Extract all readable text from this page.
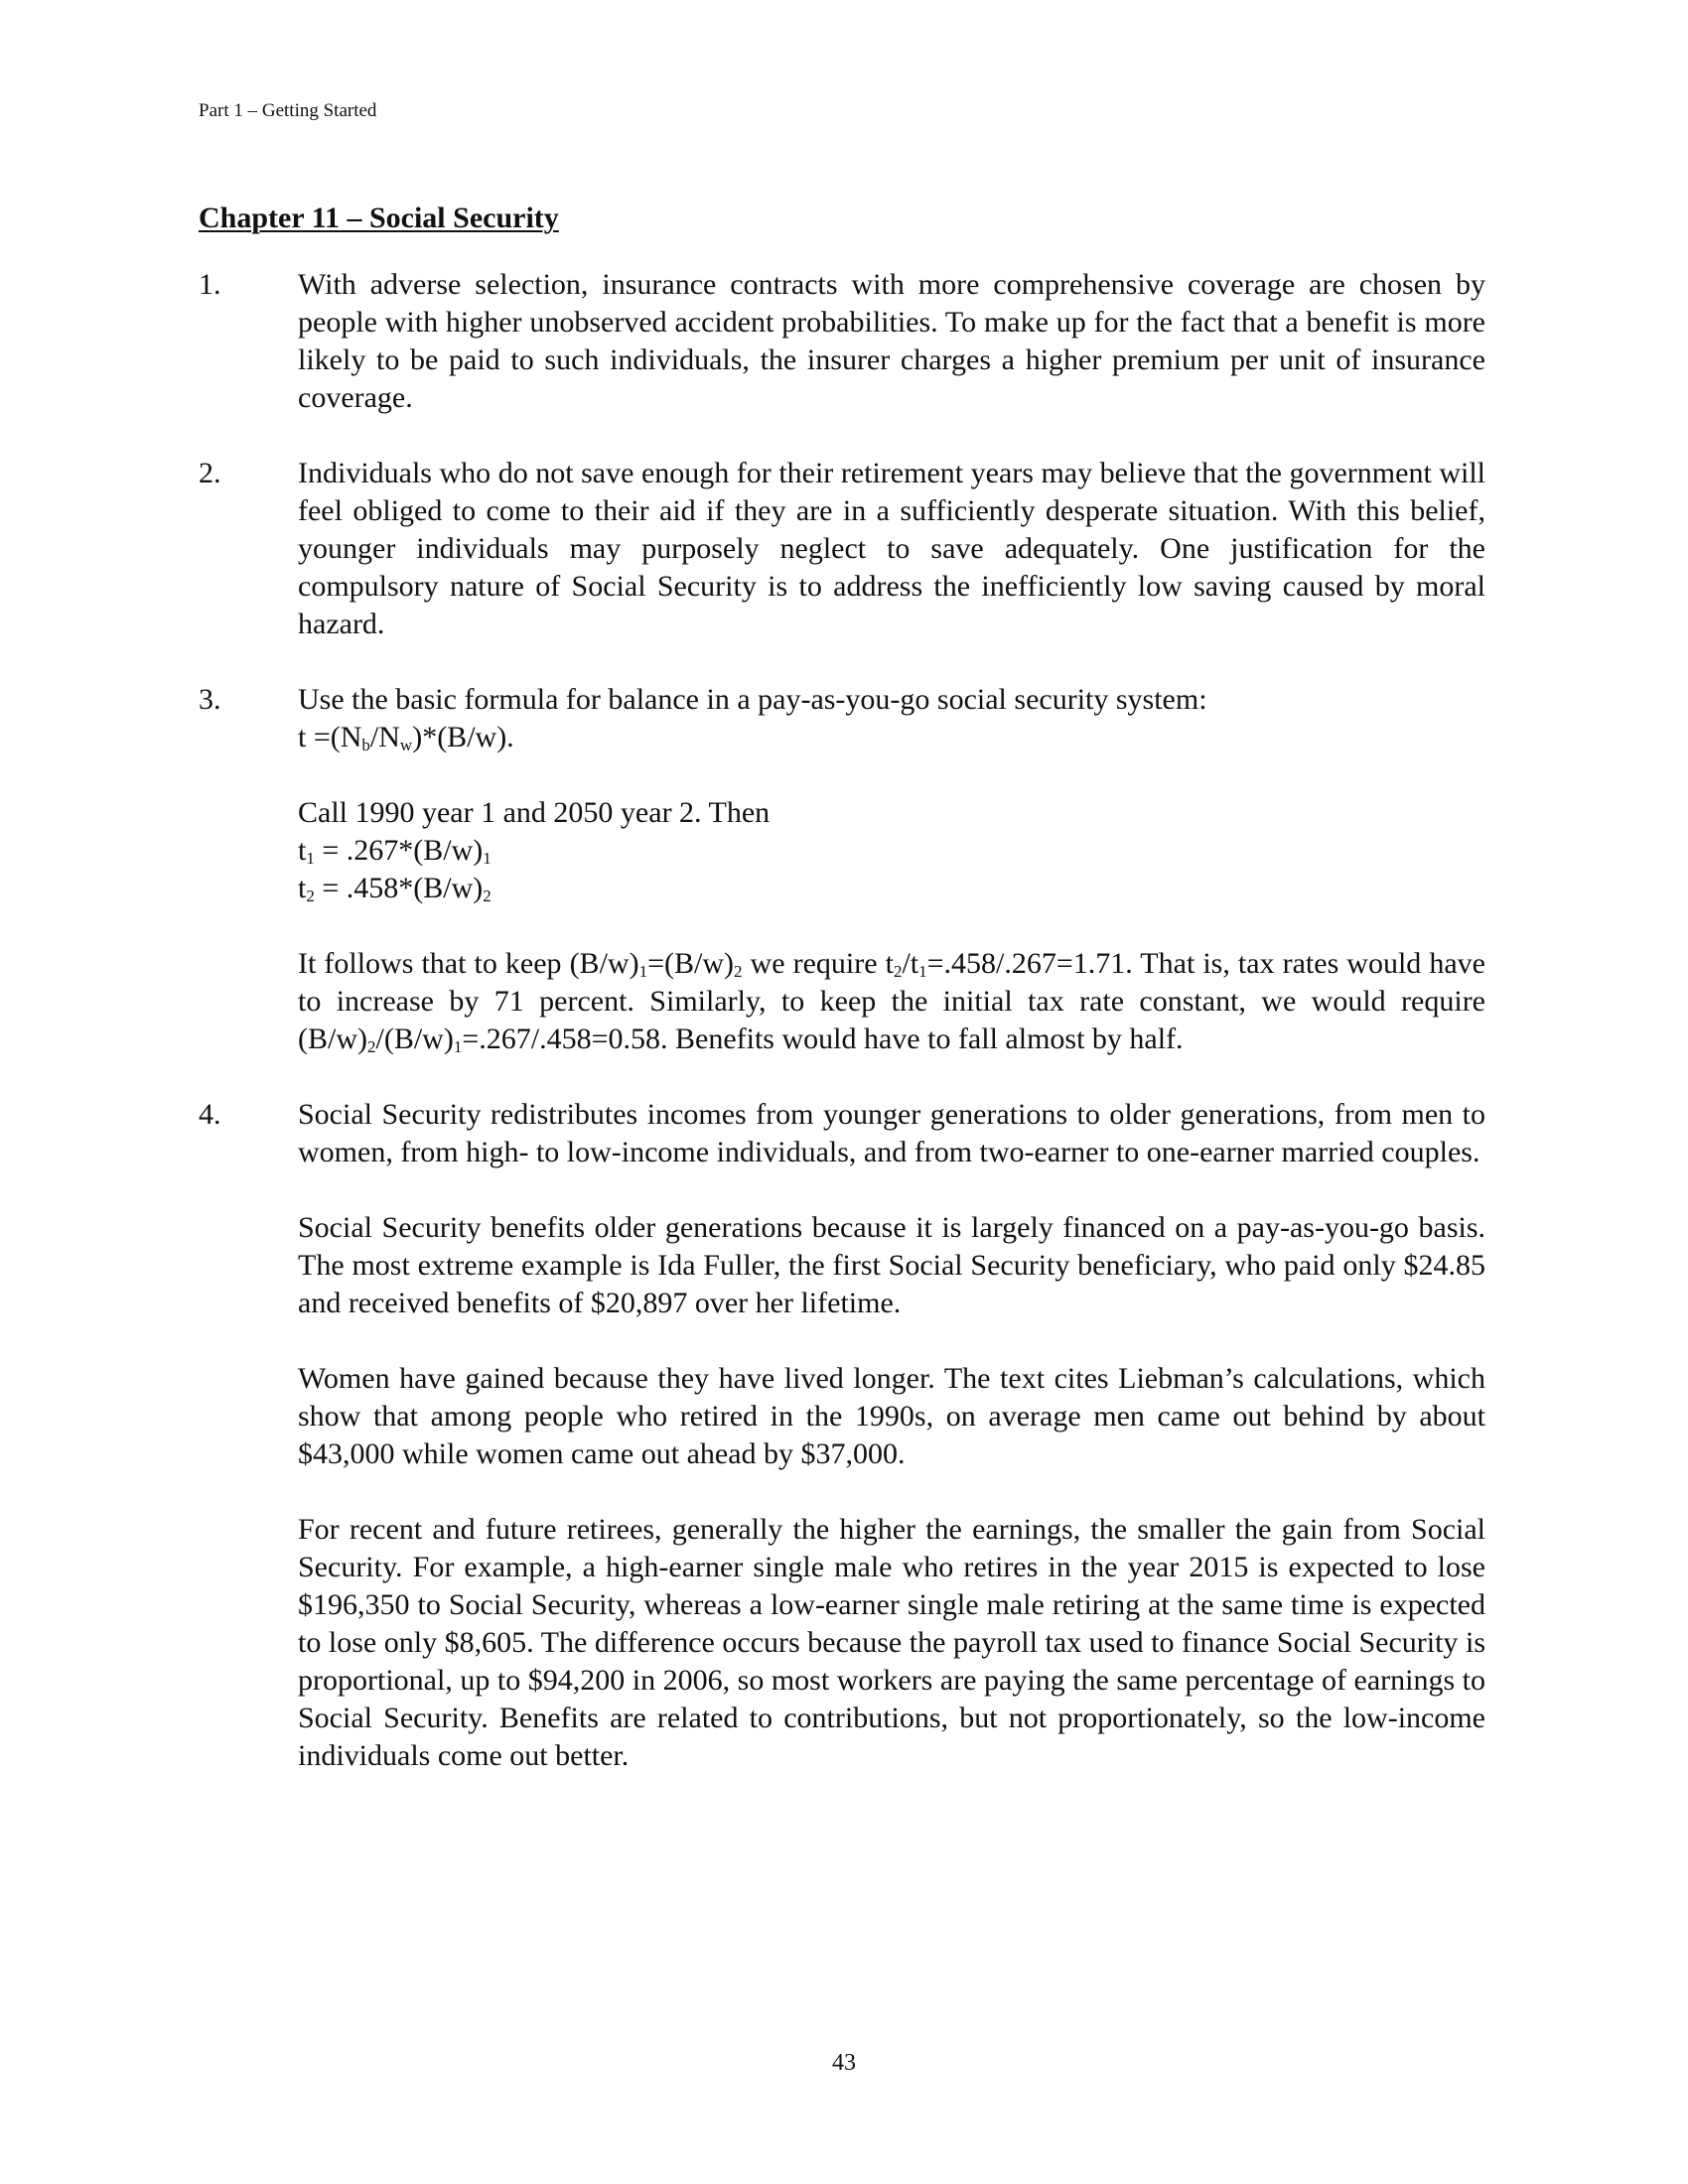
Part 1 – Getting Started
Chapter 11 – Social Security
1.	With adverse selection, insurance contracts with more comprehensive coverage are chosen by people with higher unobserved accident probabilities. To make up for the fact that a benefit is more likely to be paid to such individuals, the insurer charges a higher premium per unit of insurance coverage.

2.	Individuals who do not save enough for their retirement years may believe that the government will feel obliged to come to their aid if they are in a sufficiently desperate situation. With this belief, younger individuals may purposely neglect to save adequately. One justification for the compulsory nature of Social Security is to address the inefficiently low saving caused by moral hazard.

3.	Use the basic formula for balance in a pay-as-you-go social security system:
$t =(N_b/N_w)*(B/w)$.

Call 1990 year 1 and 2050 year 2. Then
$t_1 = .267*(B/w)_1$
$t_2 = .458*(B/w)_2$

It follows that to keep $(B/w)_1=(B/w)_2$ we require $t_2/t_1=.458/.267=1.71$. That is, tax rates would have to increase by 71 percent. Similarly, to keep the initial tax rate constant, we would require $(B/w)_2/(B/w)_1=.267/.458=0.58$. Benefits would have to fall almost by half.

4.	Social Security redistributes incomes from younger generations to older generations, from men to women, from high- to low-income individuals, and from two-earner to one-earner married couples.

Social Security benefits older generations because it is largely financed on a pay-as-you-go basis. The most extreme example is Ida Fuller, the first Social Security beneficiary, who paid only $24.85 and received benefits of $20,897 over her lifetime.

Women have gained because they have lived longer. The text cites Liebman’s calculations, which show that among people who retired in the 1990s, on average men came out behind by about $43,000 while women came out ahead by $37,000.

For recent and future retirees, generally the higher the earnings, the smaller the gain from Social Security. For example, a high-earner single male who retires in the year 2015 is expected to lose $196,350 to Social Security, whereas a low-earner single male retiring at the same time is expected to lose only $8,605. The difference occurs because the payroll tax used to finance Social Security is proportional, up to $94,200 in 2006, so most workers are paying the same percentage of earnings to Social Security. Benefits are related to contributions, but not proportionately, so the low-income individuals come out better.

43
